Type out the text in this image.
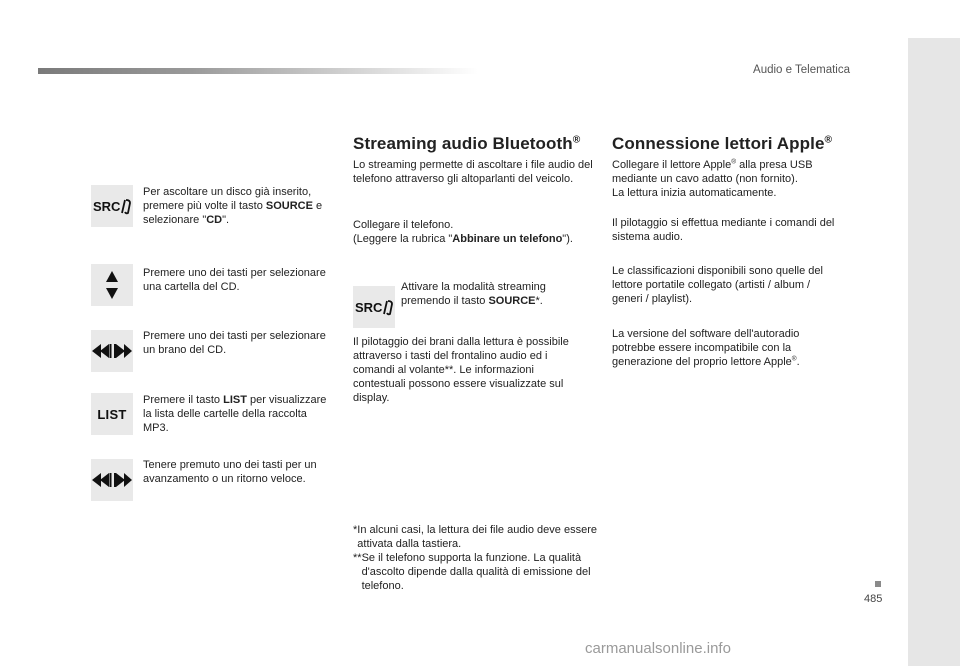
Audio e Telematica
485
SRC

Per ascoltare un disco già inserito, premere più volte il tasto SOURCE e selezionare "CD".

Premere uno dei tasti per selezionare una cartella del CD.

Premere uno dei tasti per selezionare un brano del CD.

LIST

Premere il tasto LIST per visualizzare la lista delle cartelle della raccolta MP3.

Tenere premuto uno dei tasti per un avanzamento o un ritorno veloce.

Streaming audio Bluetooth®

Lo streaming permette di ascoltare i file audio del telefono attraverso gli altoparlanti del veicolo.

Collegare il telefono.
(Leggere la rubrica "Abbinare un telefono").

SRC

Attivare la modalità streaming premendo il tasto SOURCE*.

Il pilotaggio dei brani dalla lettura è possibile attraverso i tasti del frontalino audio ed i comandi al volante**. Le informazioni contestuali possono essere visualizzate sul display.

* In alcuni casi, la lettura dei file audio deve essere attivata dalla tastiera.
** Se il telefono supporta la funzione. La qualità d'ascolto dipende dalla qualità di emissione del telefono.
Connessione lettori Apple®

Collegare il lettore Apple® alla presa USB mediante un cavo adatto (non fornito).
La lettura inizia automaticamente.

Il pilotaggio si effettua mediante i comandi del sistema audio.

Le classificazioni disponibili sono quelle del lettore portatile collegato (artisti / album / generi / playlist).

La versione del software dell'autoradio potrebbe essere incompatibile con la generazione del proprio lettore Apple®.

carmanualsonline.info
